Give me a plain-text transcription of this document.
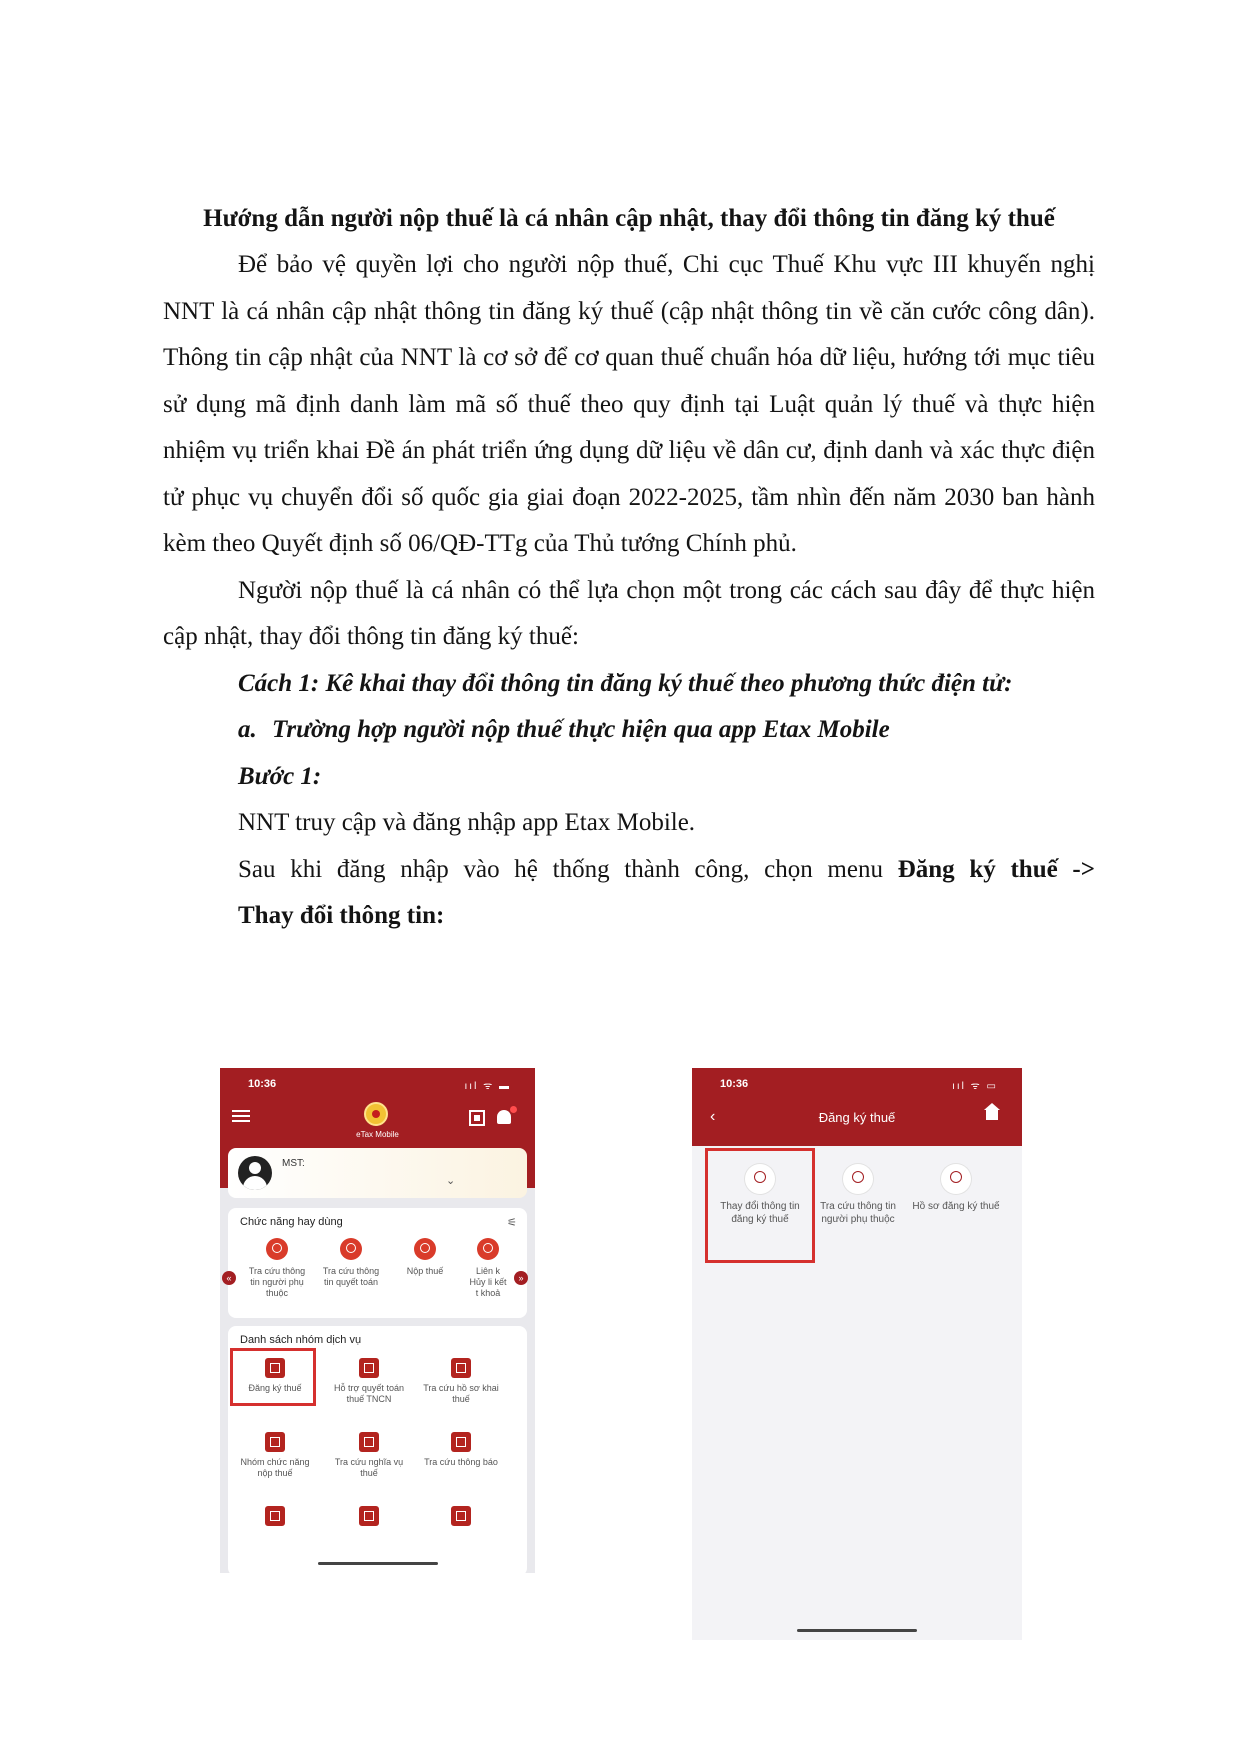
Hướng dẫn người nộp thuế là cá nhân cập nhật, thay đổi thông tin đăng ký thuế

Để bảo vệ quyền lợi cho người nộp thuế, Chi cục Thuế Khu vực III khuyến nghị NNT là cá nhân cập nhật thông tin đăng ký thuế (cập nhật thông tin về căn cước công dân). Thông tin cập nhật của NNT là cơ sở để cơ quan thuế chuẩn hóa dữ liệu, hướng tới mục tiêu sử dụng mã định danh làm mã số thuế theo quy định tại Luật quản lý thuế và thực hiện nhiệm vụ triển khai Đề án phát triển ứng dụng dữ liệu về dân cư, định danh và xác thực điện tử phục vụ chuyển đổi số quốc gia giai đoạn 2022-2025, tầm nhìn đến năm 2030 ban hành kèm theo Quyết định số 06/QĐ-TTg của Thủ tướng Chính phủ.

Người nộp thuế là cá nhân có thể lựa chọn một trong các cách sau đây để thực hiện cập nhật, thay đổi thông tin đăng ký thuế:

Cách 1: Kê khai thay đổi thông tin đăng ký thuế theo phương thức điện tử:

a. Trường hợp người nộp thuế thực hiện qua app Etax Mobile

Bước 1:

NNT truy cập và đăng nhập app Etax Mobile.

Sau khi đăng nhập vào hệ thống thành công, chọn menu Đăng ký thuế ->

Thay đổi thông tin:

10:36	ııl ᯤ ▬
eTax Mobile
MST:
⌄
Chức năng hay dùng	⚟
Tra cứu thông tin người phụ thuộc
Tra cứu thông tin quyết toán
Nộp thuế	Liên k Hủy li kết t khoả
«	»
Danh sách nhóm dịch vụ
Đăng ký thuế	Hỗ trợ quyết toán thuế TNCN
Tra cứu hồ sơ khai thuế
Nhóm chức năng nộp thuế
Tra cứu nghĩa vụ thuế
Tra cứu thông báo
10:36	ııl ᯤ ▭
‹	Đăng ký thuế
Thay đổi thông tin đăng ký thuế
Tra cứu thông tin người phụ thuộc
Hồ sơ đăng ký thuế
